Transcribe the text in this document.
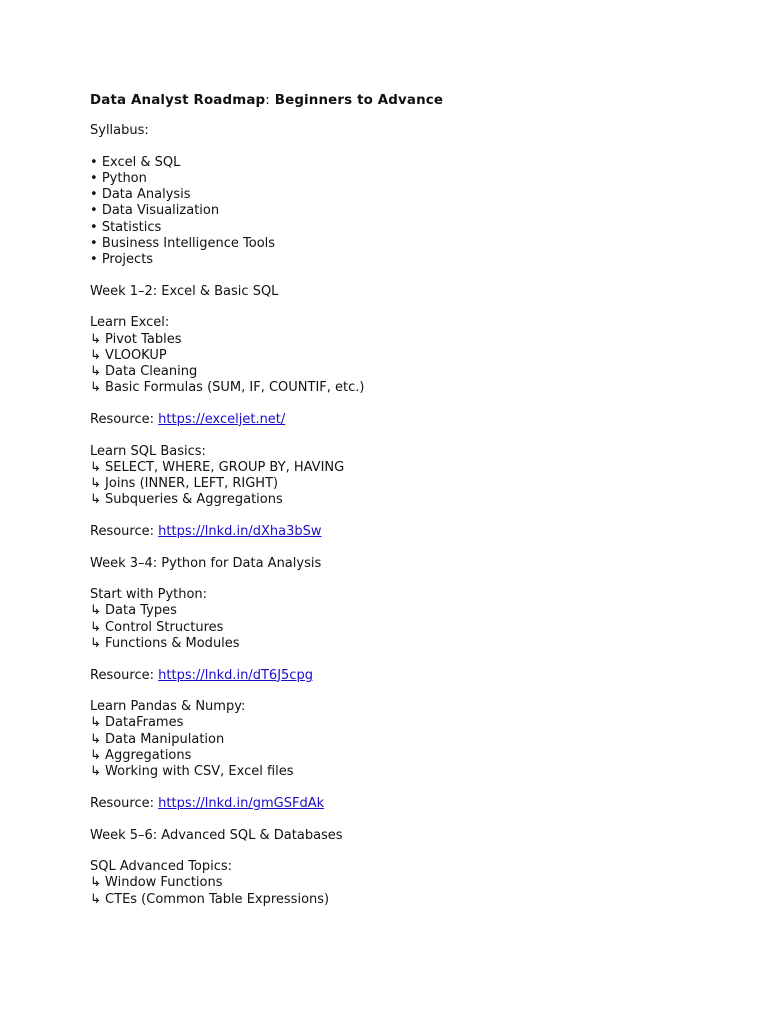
Data Analyst Roadmap: Beginners to Advance
Syllabus:
• Excel & SQL
• Python
• Data Analysis
• Data Visualization
• Statistics
• Business Intelligence Tools
• Projects
Week 1–2: Excel & Basic SQL
Learn Excel:
↳ Pivot Tables
↳ VLOOKUP
↳ Data Cleaning
↳ Basic Formulas (SUM, IF, COUNTIF, etc.)
Resource: https://exceljet.net/
Learn SQL Basics:
↳ SELECT, WHERE, GROUP BY, HAVING
↳ Joins (INNER, LEFT, RIGHT)
↳ Subqueries & Aggregations
Resource: https://lnkd.in/dXha3bSw
Week 3–4: Python for Data Analysis
Start with Python:
↳ Data Types
↳ Control Structures
↳ Functions & Modules
Resource: https://lnkd.in/dT6J5cpg
Learn Pandas & Numpy:
↳ DataFrames
↳ Data Manipulation
↳ Aggregations
↳ Working with CSV, Excel files
Resource: https://lnkd.in/gmGSFdAk
Week 5–6: Advanced SQL & Databases
SQL Advanced Topics:
↳ Window Functions
↳ CTEs (Common Table Expressions)
